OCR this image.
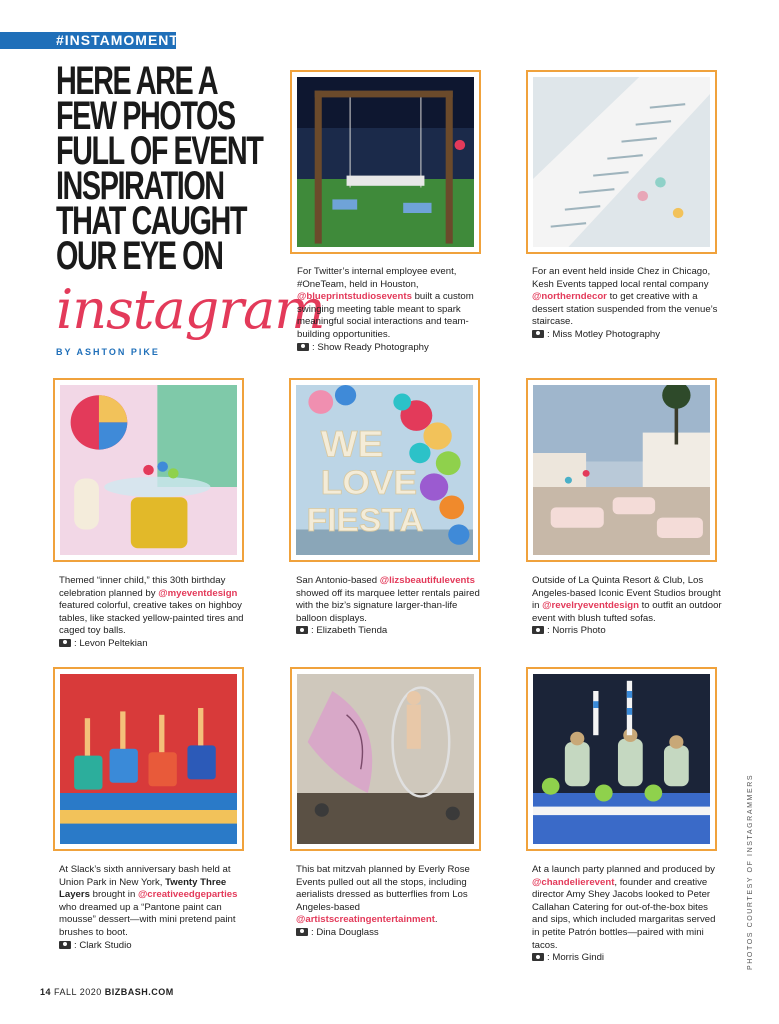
#INSTAMOMENT
HERE ARE A
FEW PHOTOS
FULL OF EVENT
INSPIRATION
THAT CAUGHT
OUR EYE ON
instagram
BY ASHTON PIKE
For Twitter’s internal employee event, #OneTeam, held in Houston, @blueprintstudiosevents built a custom swinging meeting table meant to spark meaningful social interactions and team-building opportunities.
: Show Ready Photography
For an event held inside Chez in Chicago, Kesh Events tapped local rental company @northerndecor to get creative with a dessert station suspended from the venue’s staircase.
: Miss Motley Photography
WE
LOVE
FIESTA
Themed “inner child,” this 30th birthday celebration planned by @myeventdesign featured colorful, creative takes on highboy tables, like stacked yellow-painted tires and caged toy balls.
: Levon Peltekian
San Antonio-based @lizsbeautifulevents showed off its marquee letter rentals paired with the biz’s signature larger-than-life balloon displays.
: Elizabeth Tienda
Outside of La Quinta Resort & Club, Los Angeles-based Iconic Event Studios brought in @revelryeventdesign to outfit an outdoor event with blush tufted sofas.
: Norris Photo
At Slack’s sixth anniversary bash held at Union Park in New York, Twenty Three Layers brought in @creativeedgeparties who dreamed up a “Pantone paint can mousse” dessert—with mini pretend paint brushes to boot.
: Clark Studio
This bat mitzvah planned by Everly Rose Events pulled out all the stops, including aerialists dressed as butterflies from Los Angeles-based @artistscreatingentertainment.
: Dina Douglass
At a launch party planned and produced by @chandelierevent, founder and creative director Amy Shey Jacobs looked to Peter Callahan Catering for out-of-the-box bites and sips, which included margaritas served in petite Patrón bottles—paired with mini tacos.
: Morris Gindi	PHOTOS COURTESY OF INSTAGRAMMERS
14 FALL 2020 BIZBASH.COM
